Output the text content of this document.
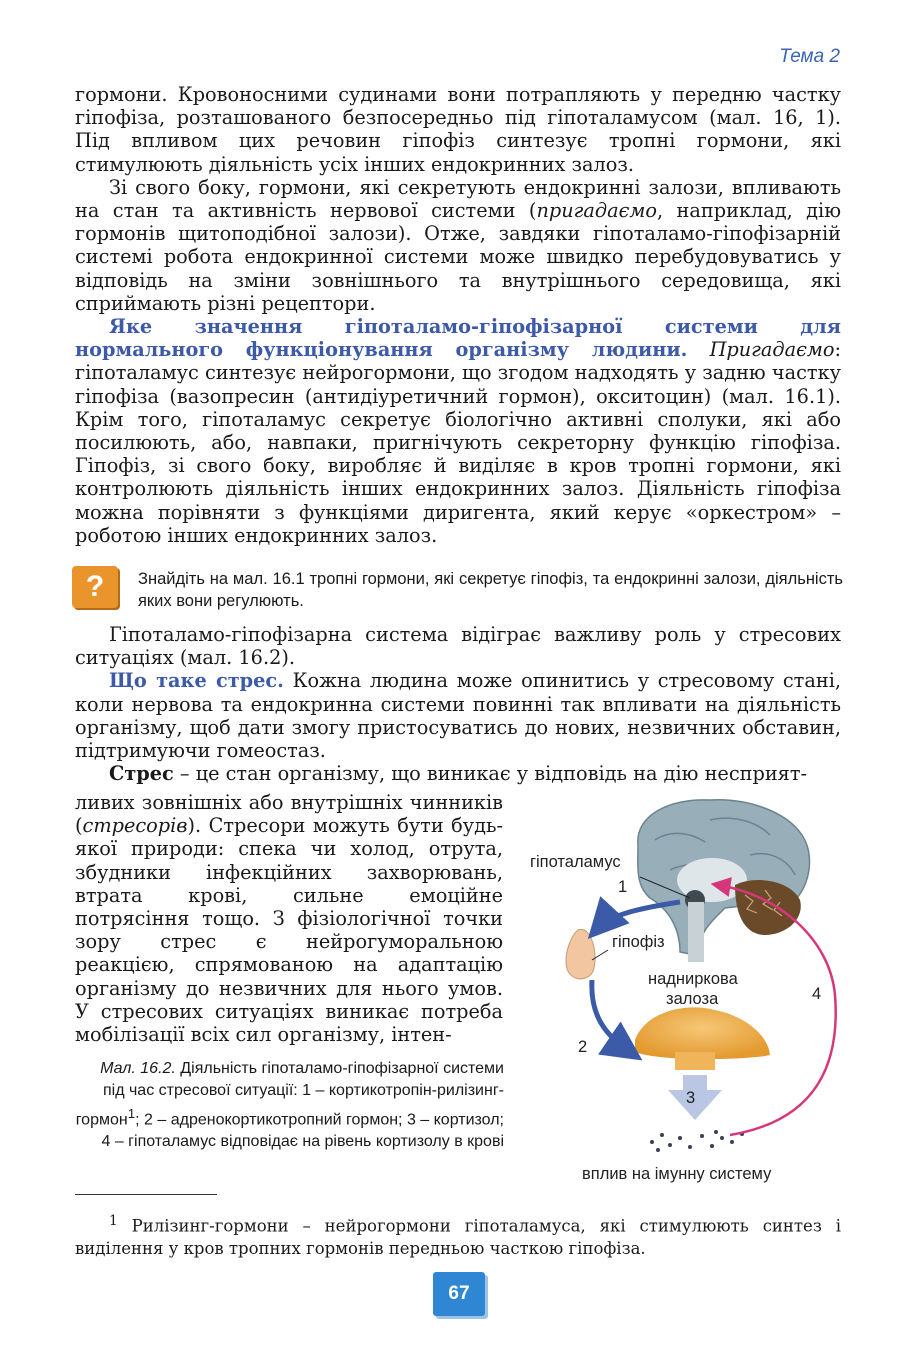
Тема 2

гормони. Кровоносними судинами вони потрапляють у передню частку гіпофіза, розташованого безпосередньо під гіпоталамусом (мал. 16, 1). Під впливом цих речовин гіпофіз синтезує тропні гормони, які стимулюють діяльність усіх інших ендокринних залоз.

Зі свого боку, гормони, які секретують ендокринні залози, впливають на стан та активність нервової системи (пригадаємо, наприклад, дію гормонів щитоподібної залози). Отже, завдяки гіпоталамо-гіпофізарній системі робота ендокринної системи може швидко перебудовуватись у відповідь на зміни зовнішнього та внутрішнього середовища, які сприймають різні рецептори.

Яке значення гіпоталамо-гіпофізарної системи для нормального функціонування організму людини. Пригадаємо: гіпоталамус синтезує нейрогормони, що згодом надходять у задню частку гіпофіза (вазопресин (антидіуретичний гормон), окситоцин) (мал. 16.1). Крім того, гіпоталамус секретує біологічно активні сполуки, які або посилюють, або, навпаки, пригнічують секреторну функцію гіпофіза. Гіпофіз, зі свого боку, виробляє й виділяє в кров тропні гормони, які контролюють діяльність інших ендокринних залоз. Діяльність гіпофіза можна порівняти з функціями диригента, який керує «оркестром» – роботою інших ендокринних залоз.

?	Знайдіть на мал. 16.1 тропні гормони, які секретує гіпофіз, та ендокринні залози, діяльність яких вони регулюють.

Гіпоталамо-гіпофізарна система відіграє важливу роль у стресових ситуаціях (мал. 16.2).

Що таке стрес. Кожна людина може опинитись у стресовому стані, коли нервова та ендокринна системи повинні так впливати на діяльність організму, щоб дати змогу пристосуватись до нових, незвичних обставин, підтримуючи гомеостаз.

Стрес – це стан організму, що виникає у відповідь на дію несприят-

ливих зовнішніх або внутрішніх чинників (стресорів). Стресори можуть бути будь-якої природи: спека чи холод, отрута, збудники інфекційних захворювань, втрата крові, сильне емоційне потрясіння тощо. З фізіологічної точки зору стрес є нейрогуморальною реакцією, спрямованою на адаптацію організму до незвичних для нього умов. У стресових ситуаціях виникає потреба мобілізації всіх сил організму, інтен-
Мал. 16.2. Діяльність гіпоталамо-гіпофізарної системи під час стресової ситуації: 1 – кортикотропін-рилізинг-гормон$^1$; 2 – адренокортикотропний гормон; 3 – кортизол; 4 – гіпоталамус відповідає на рівень кортизолу в крові
гіпоталамус
1
гіпофіз
надниркова
залоза	4
2
3
вплив на імунну систему
$^1$ Рилізинг-гормони – нейрогормони гіпоталамуса, які стимулюють синтез і виділення у кров тропних гормонів передньою часткою гіпофіза.
67
